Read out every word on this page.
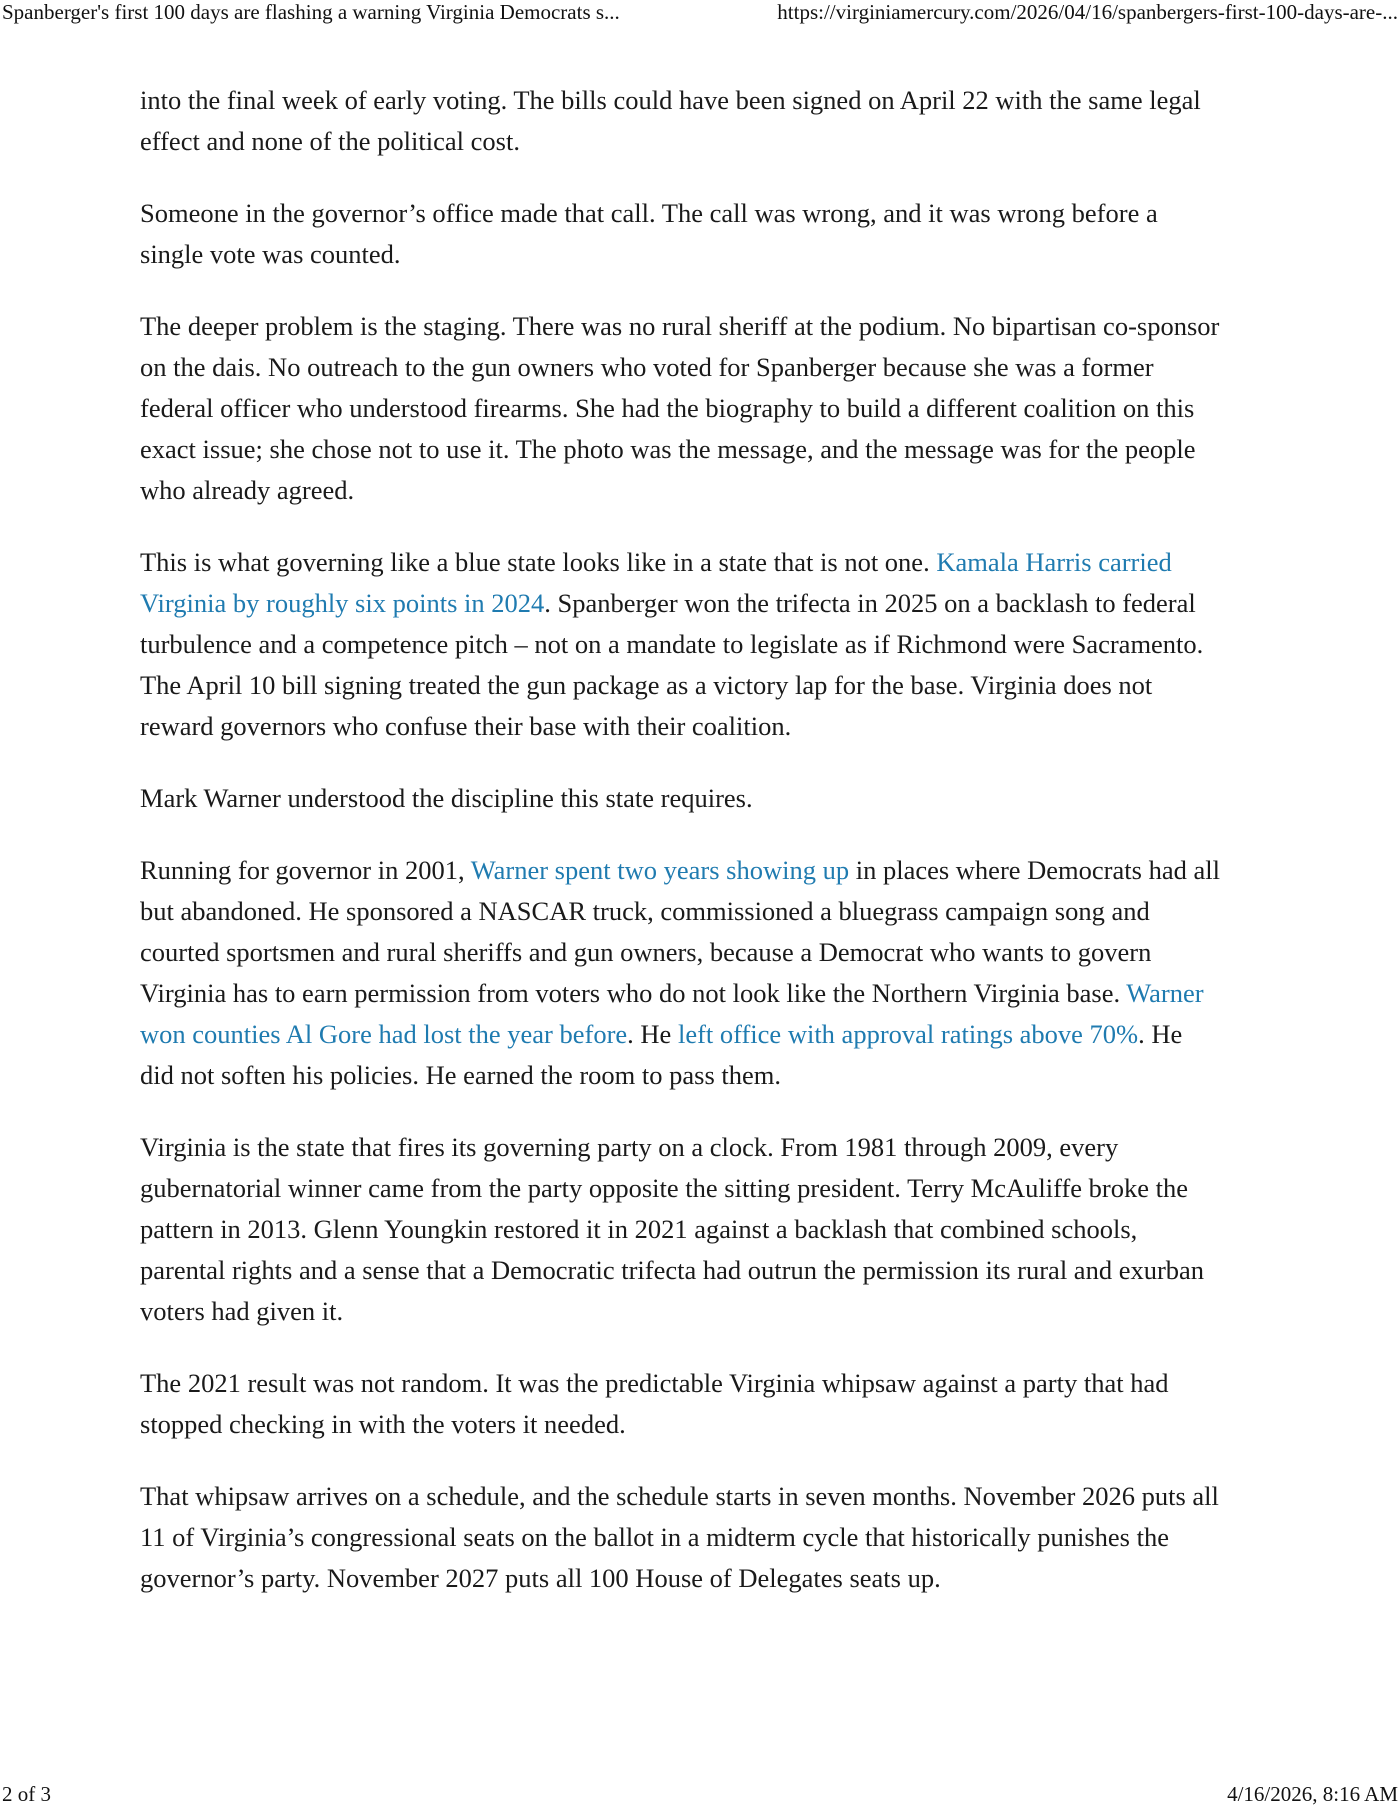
Spanberger's first 100 days are flashing a warning Virginia Democrats s...	https://virginiamercury.com/2026/04/16/spanbergers-first-100-days-are-...

into the final week of early voting. The bills could have been signed on April 22 with the same legal effect and none of the political cost.

Someone in the governor’s office made that call. The call was wrong, and it was wrong before a single vote was counted.

The deeper problem is the staging. There was no rural sheriff at the podium. No bipartisan co-sponsor on the dais. No outreach to the gun owners who voted for Spanberger because she was a former federal officer who understood firearms. She had the biography to build a different coalition on this exact issue; she chose not to use it. The photo was the message, and the message was for the people who already agreed.

This is what governing like a blue state looks like in a state that is not one. Kamala Harris carried Virginia by roughly six points in 2024. Spanberger won the trifecta in 2025 on a backlash to federal turbulence and a competence pitch – not on a mandate to legislate as if Richmond were Sacramento. The April 10 bill signing treated the gun package as a victory lap for the base. Virginia does not reward governors who confuse their base with their coalition.

Mark Warner understood the discipline this state requires.

Running for governor in 2001, Warner spent two years showing up in places where Democrats had all but abandoned. He sponsored a NASCAR truck, commissioned a bluegrass campaign song and courted sportsmen and rural sheriffs and gun owners, because a Democrat who wants to govern Virginia has to earn permission from voters who do not look like the Northern Virginia base. Warner won counties Al Gore had lost the year before. He left office with approval ratings above 70%. He did not soften his policies. He earned the room to pass them.

Virginia is the state that fires its governing party on a clock. From 1981 through 2009, every gubernatorial winner came from the party opposite the sitting president. Terry McAuliffe broke the pattern in 2013. Glenn Youngkin restored it in 2021 against a backlash that combined schools, parental rights and a sense that a Democratic trifecta had outrun the permission its rural and exurban voters had given it.

The 2021 result was not random. It was the predictable Virginia whipsaw against a party that had stopped checking in with the voters it needed.

That whipsaw arrives on a schedule, and the schedule starts in seven months. November 2026 puts all 11 of Virginia’s congressional seats on the ballot in a midterm cycle that historically punishes the governor’s party. November 2027 puts all 100 House of Delegates seats up.

2 of 3	4/16/2026, 8:16 AM
